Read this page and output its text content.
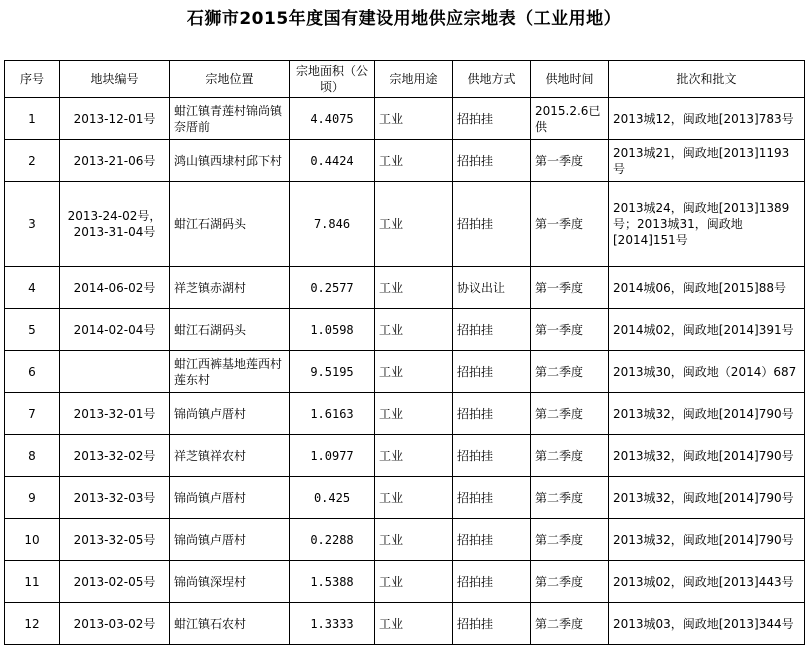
石狮市2015年度国有建设用地供应宗地表（工业用地）
序号	地块编号	宗地位置	宗地面积（公顷）	宗地用途	供地方式	供地时间	批次和批文
1	2013-12-01号	蚶江镇青莲村锦尚镇奈厝前	4.4075	工业	招拍挂	2015.2.6已供	2013城12，闽政地[2013]783号
2	2013-21-06号	鸿山镇西埭村邱下村	0.4424	工业	招拍挂	第一季度	2013城21，闽政地[2013]1193号
3	2013-24-02号，2013-31-04号	蚶江石湖码头	7.846	工业	招拍挂	第一季度	2013城24，闽政地[2013]1389号；2013城31，闽政地[2014]151号
4	2014-06-02号	祥芝镇赤湖村	0.2577	工业	协议出让	第一季度	2014城06，闽政地[2015]88号
5	2014-02-04号	蚶江石湖码头	1.0598	工业	招拍挂	第一季度	2014城02，闽政地[2014]391号
6		蚶江西裤基地莲西村莲东村	9.5195	工业	招拍挂	第二季度	2013城30，闽政地（2014）687
7	2013-32-01号	锦尚镇卢厝村	1.6163	工业	招拍挂	第二季度	2013城32，闽政地[2014]790号
8	2013-32-02号	祥芝镇祥农村	1.0977	工业	招拍挂	第二季度	2013城32，闽政地[2014]790号
9	2013-32-03号	锦尚镇卢厝村	0.425	工业	招拍挂	第二季度	2013城32，闽政地[2014]790号
10	2013-32-05号	锦尚镇卢厝村	0.2288	工业	招拍挂	第二季度	2013城32，闽政地[2014]790号
11	2013-02-05号	锦尚镇深埕村	1.5388	工业	招拍挂	第二季度	2013城02，闽政地[2013]443号
12	2013-03-02号	蚶江镇石农村	1.3333	工业	招拍挂	第二季度	2013城03，闽政地[2013]344号
